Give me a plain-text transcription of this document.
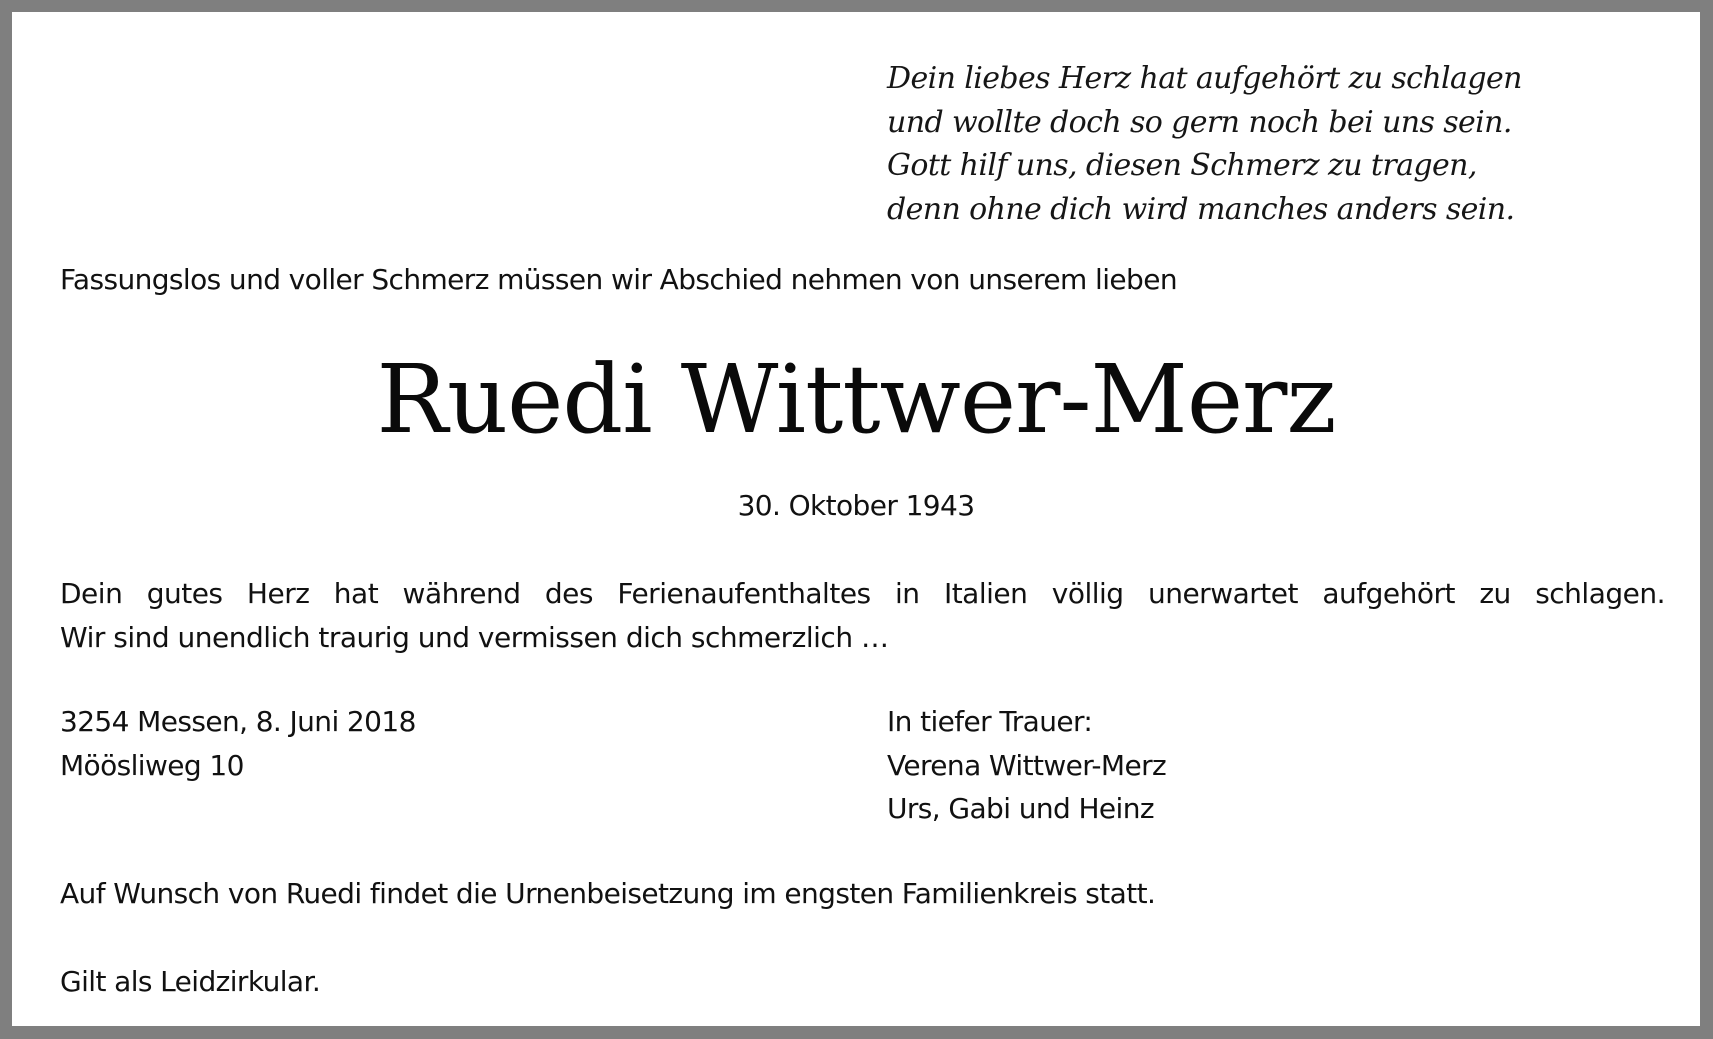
Dein liebes Herz hat aufgehört zu schlagen
und wollte doch so gern noch bei uns sein.
Gott hilf uns, diesen Schmerz zu tragen,
denn ohne dich wird manches anders sein.
Fassungslos und voller Schmerz müssen wir Abschied nehmen von unserem lieben
Ruedi Wittwer-Merz
30. Oktober 1943
Dein gutes Herz hat während des Ferienaufenthaltes in Italien völlig unerwartet aufgehört zu schlagen.
Wir sind unendlich traurig und vermissen dich schmerzlich …
3254 Messen, 8. Juni 2018
Möösliweg 10
In tiefer Trauer:
Verena Wittwer-Merz
Urs, Gabi und Heinz
Auf Wunsch von Ruedi findet die Urnenbeisetzung im engsten Familienkreis statt.
Gilt als Leidzirkular.
